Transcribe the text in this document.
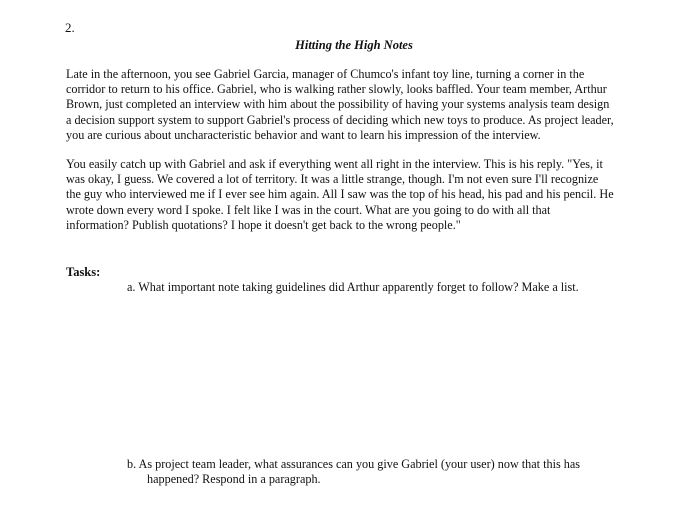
2.
Hitting the High Notes
Late in the afternoon, you see Gabriel Garcia, manager of Chumco's infant toy line, turning a corner in the
corridor to return to his office. Gabriel, who is walking rather slowly, looks baffled. Your team member, Arthur
Brown, just completed an interview with him about the possibility of having your systems analysis team design
a decision support system to support Gabriel's process of deciding which new toys to produce. As project leader,
you are curious about uncharacteristic behavior and want to learn his impression of the interview.
You easily catch up with Gabriel and ask if everything went all right in the interview. This is his reply. "Yes, it
was okay, I guess. We covered a lot of territory. It was a little strange, though. I'm not even sure I'll recognize
the guy who interviewed me if I ever see him again. All I saw was the top of his head, his pad and his pencil. He
wrote down every word I spoke. I felt like I was in the court. What are you going to do with all that
information? Publish quotations? I hope it doesn't get back to the wrong people."
Tasks:
a. What important note taking guidelines did Arthur apparently forget to follow? Make a list.
b. As project team leader, what assurances can you give Gabriel (your user) now that this has
happened? Respond in a paragraph.
